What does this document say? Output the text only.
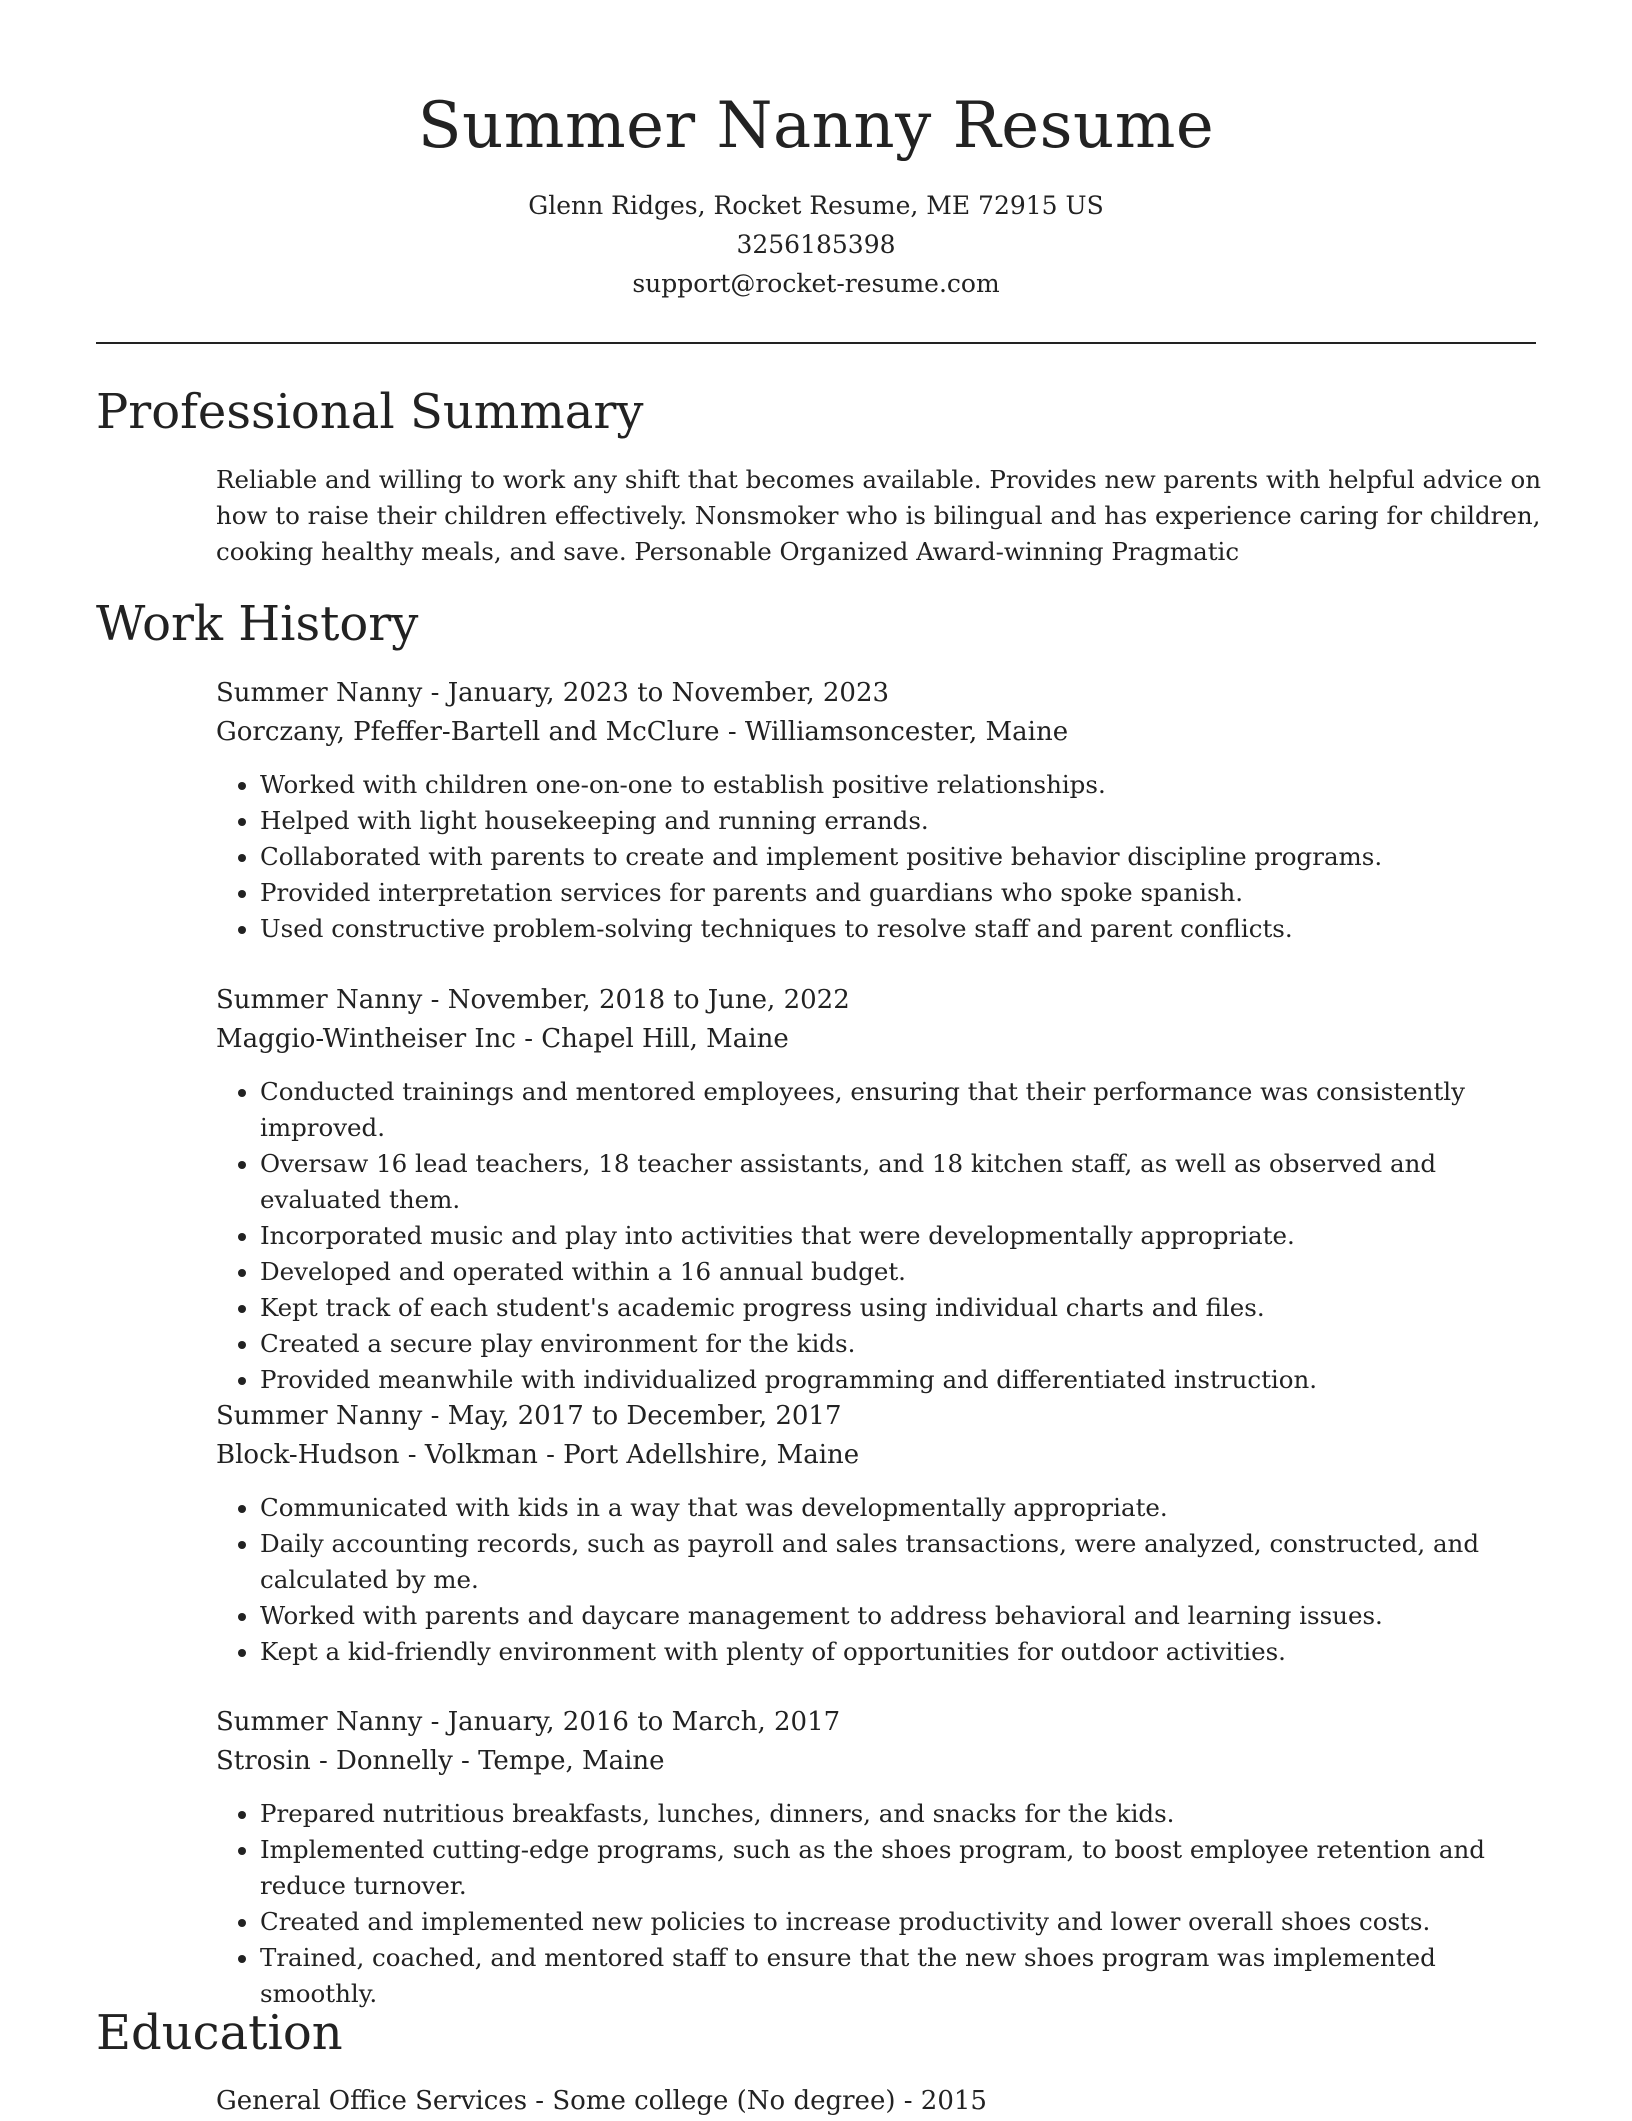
Summer Nanny Resume

Glenn Ridges, Rocket Resume, ME 72915 US

3256185398

support@rocket-resume.com

Professional Summary

Reliable and willing to work any shift that becomes available. Provides new parents with helpful advice on how to raise their children effectively. Nonsmoker who is bilingual and has experience caring for children, cooking healthy meals, and save. Personable Organized Award-winning Pragmatic

Work History

Summer Nanny - January, 2023 to November, 2023

Gorczany, Pfeffer-Bartell and McClure - Williamsoncester, Maine

• Worked with children one-on-one to establish positive relationships.
• Helped with light housekeeping and running errands.
• Collaborated with parents to create and implement positive behavior discipline programs.
• Provided interpretation services for parents and guardians who spoke spanish.
• Used constructive problem-solving techniques to resolve staff and parent conflicts.

Summer Nanny - November, 2018 to June, 2022

Maggio-Wintheiser Inc - Chapel Hill, Maine

• Conducted trainings and mentored employees, ensuring that their performance was consistently improved.
• Oversaw 16 lead teachers, 18 teacher assistants, and 18 kitchen staff, as well as observed and evaluated them.
• Incorporated music and play into activities that were developmentally appropriate.
• Developed and operated within a 16 annual budget.
• Kept track of each student's academic progress using individual charts and files.
• Created a secure play environment for the kids.
• Provided meanwhile with individualized programming and differentiated instruction.

Summer Nanny - May, 2017 to December, 2017

Block-Hudson - Volkman - Port Adellshire, Maine

• Communicated with kids in a way that was developmentally appropriate.
• Daily accounting records, such as payroll and sales transactions, were analyzed, constructed, and calculated by me.
• Worked with parents and daycare management to address behavioral and learning issues.
• Kept a kid-friendly environment with plenty of opportunities for outdoor activities.

Summer Nanny - January, 2016 to March, 2017

Strosin - Donnelly - Tempe, Maine

• Prepared nutritious breakfasts, lunches, dinners, and snacks for the kids.
• Implemented cutting-edge programs, such as the shoes program, to boost employee retention and reduce turnover.
• Created and implemented new policies to increase productivity and lower overall shoes costs.
• Trained, coached, and mentored staff to ensure that the new shoes program was implemented smoothly.
Education

General Office Services - Some college (No degree) - 2015
